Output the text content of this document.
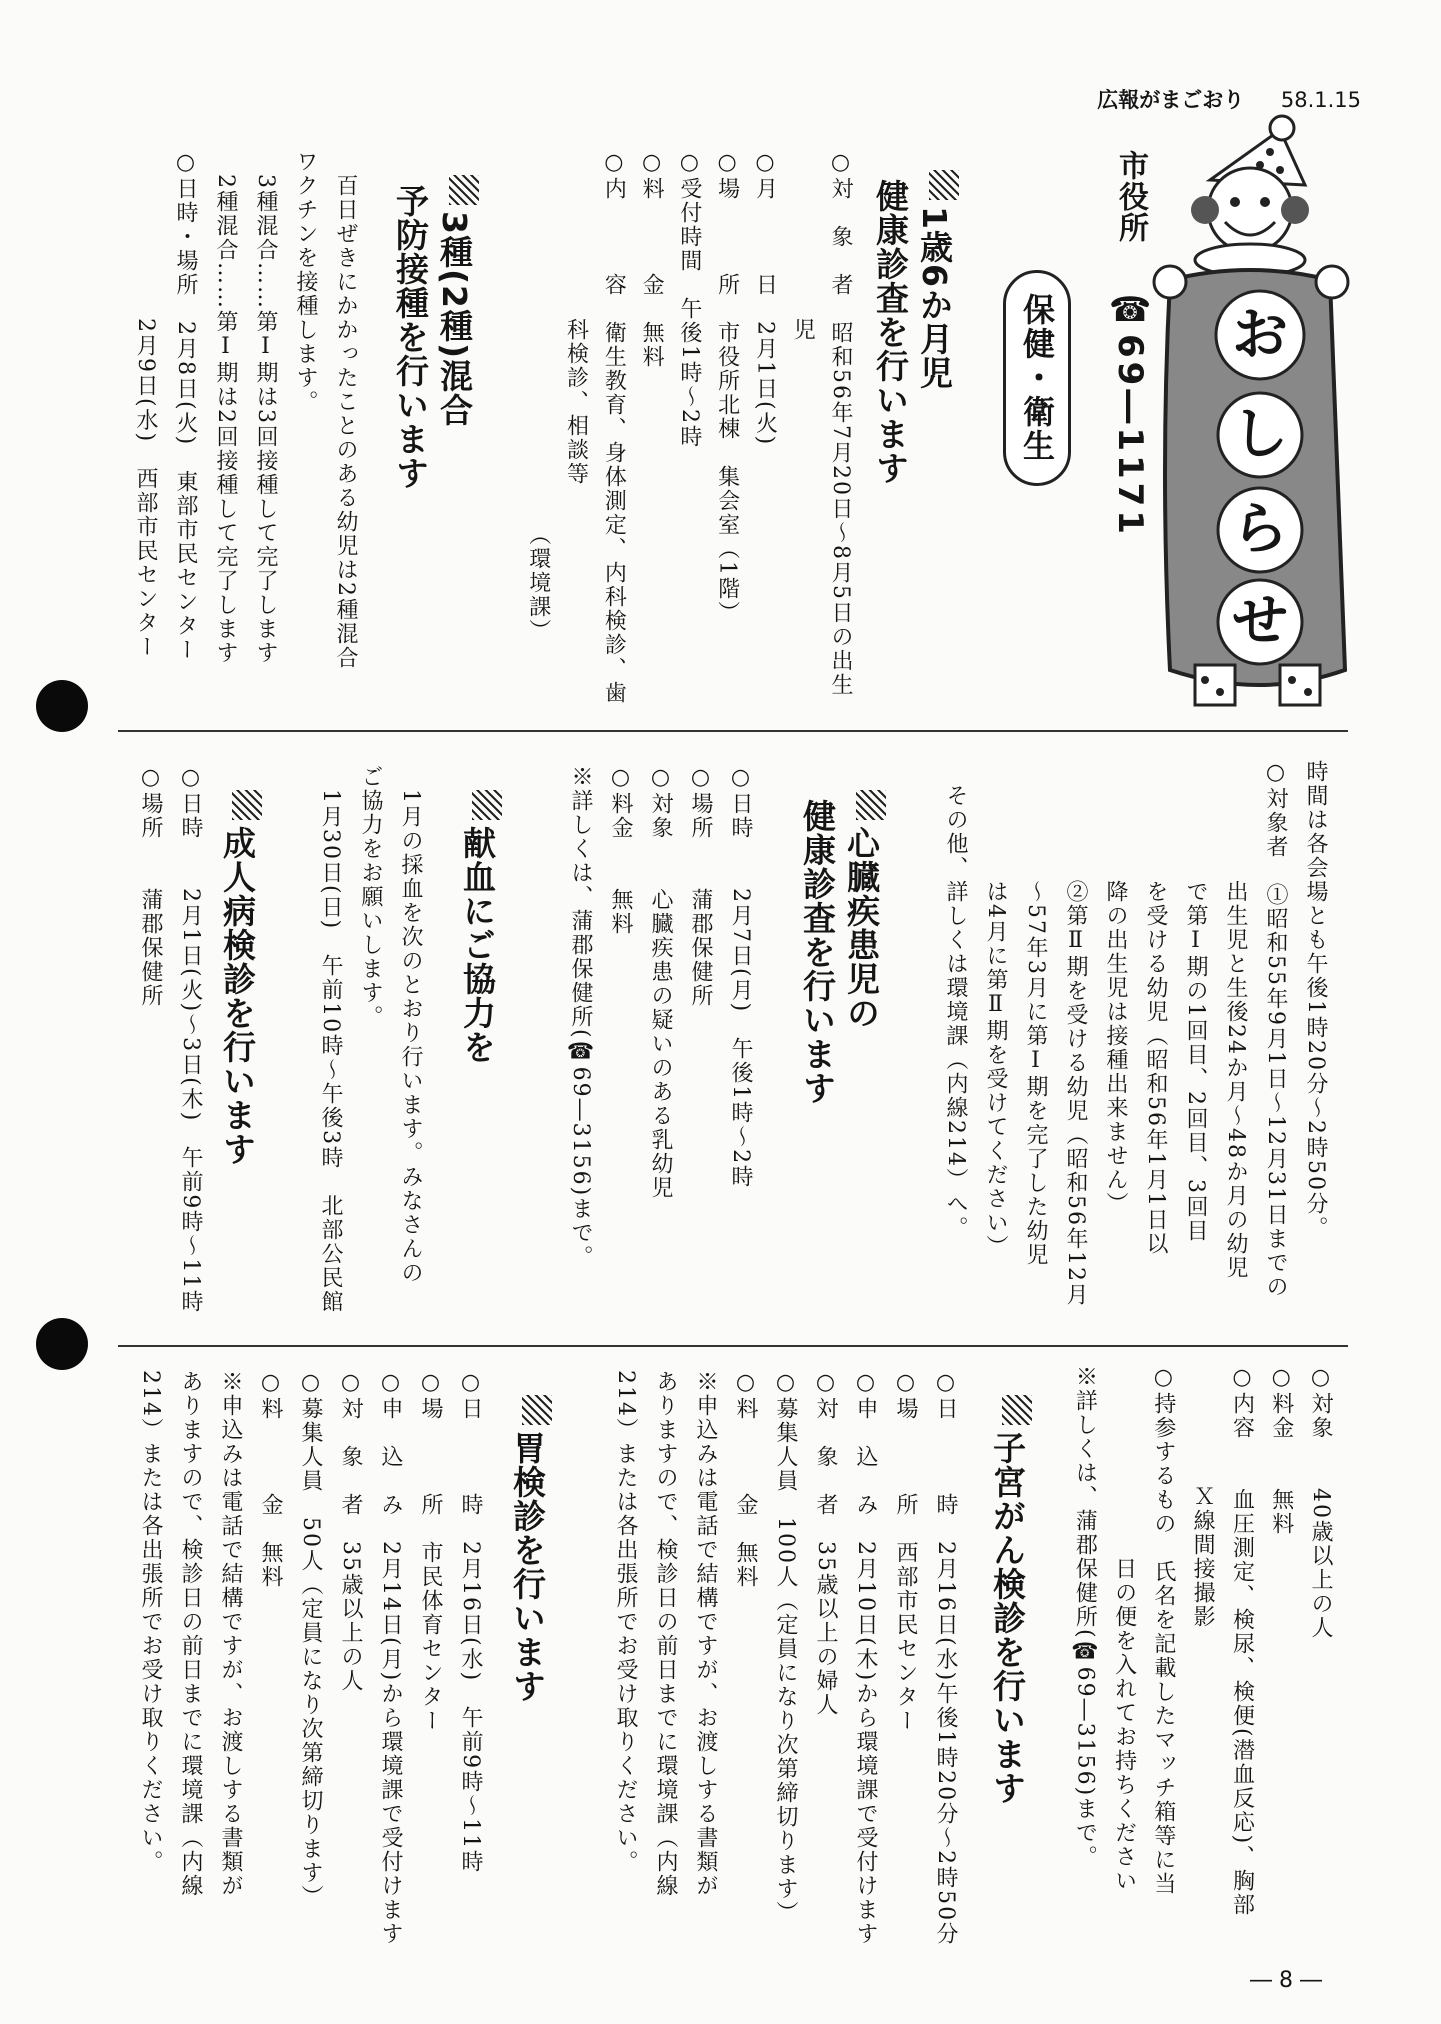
広報がまごおり 58.1.15
お
し
ら
せ
市役所
☎69―1171
保健・衛生

1歳6か月児
　健康診査を行います

○対　象　者　昭和56年7月20日～8月5日の出生
　　　　　　　児
○月　　　日　2月1日(火)
○場　　　所　市役所北棟　集会室（1階）
○受付時間　午後1時～2時
○料　　　金　無料
○内　　　容　衛生教育、身体測定、内科検診、歯
　　　　　　　科検診、相談等
　　　　　　　　　　　　　　　　（環境課）

3種(2種)混合
　予防接種を行います

　百日ぜきにかかったことのある幼児は2種混合
ワクチンを接種します。
　3種混合……第Ⅰ期は3回接種して完了します
　2種混合……第Ⅰ期は2回接種して完了します
○日時・場所　2月8日(火)　東部市民センター
　　　　　　　2月9日(水)　西部市民センター
時間は各会場とも午後1時20分～2時50分。
○対象者　①昭和55年9月1日～12月31日までの
　　　　　出生児と生後24か月～48か月の幼児
　　　　　で第Ⅰ期の1回目、2回目、3回目
　　　　　を受ける幼児（昭和56年1月1日以
　　　　　降の出生児は接種出来ません）
　　　　　②第Ⅱ期を受ける幼児（昭和56年12月
　　　　　～57年3月に第Ⅰ期を完了した幼児
　　　　　は4月に第Ⅱ期を受けてください）
　その他、詳しくは環境課（内線214）へ。

心臓疾患児の
　健康診査を行います

○日時　　2月7日(月)　午後1時～2時
○場所　　蒲郡保健所
○対象　　心臓疾患の疑いのある乳幼児
○料金　　無料
※詳しくは、蒲郡保健所(☎69―3156)まで。

献血にご協力を

　1月の採血を次のとおり行います。みなさんの
ご協力をお願いします。
　1月30日(日)　午前10時～午後3時　北部公民館

成人病検診を行います

○日時　　2月1日(火)～3日(木)　午前9時～11時
○場所　　蒲郡保健所
○対象　　40歳以上の人
○料金　　無料
○内容　　血圧測定、検尿、検便(潜血反応)、胸部
　　　　　Ｘ線間接撮影
○持参するもの　氏名を記載したマッチ箱等に当
　　　　　　　　日の便を入れてお持ちください
※詳しくは、蒲郡保健所(☎69―3156)まで。

子宮がん検診を行います

○日　　　時　2月16日(水)午後1時20分～2時50分
○場　　　所　西部市民センター
○申　込　み　2月10日(木)から環境課で受付けます
○対　象　者　35歳以上の婦人
○募集人員　100人（定員になり次第締切ります）
○料　　　金　無料
※申込みは電話で結構ですが、お渡しする書類が
ありますので、検診日の前日までに環境課（内線
214）または各出張所でお受け取りください。

胃検診を行います

○日　　　時　2月16日(水)　午前9時～11時
○場　　　所　市民体育センター
○申　込　み　2月14日(月)から環境課で受付けます
○対　象　者　35歳以上の人
○募集人員　50人（定員になり次第締切ります）
○料　　　金　無料
※申込みは電話で結構ですが、お渡しする書類が
ありますので、検診日の前日までに環境課（内線
214）または各出張所でお受け取りください。
― 8 ―
